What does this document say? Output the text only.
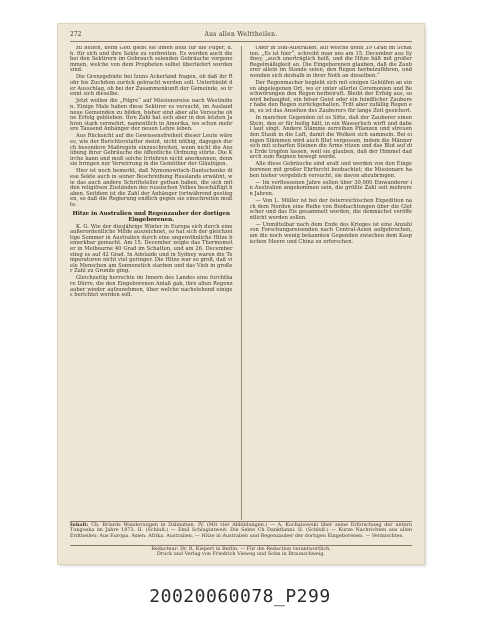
272	Aus allen Welttheilen.

zu helfen, denn Gott giebt sie ihnen bloß für die Pilger, d. h. für sich und ihre Sekte zu verbreiten. Es werden auch die bei den Sektirern im Gebrauch seienden Gebräuche vorgenommen, welche von dem Propheten selbst überliefert worden sind.

Die Grenzgebiete bei Izuns Ackerland fragen, ob daß ihr Rohr bis Zuchdom zurück gebracht werden soll. Unterbleibt der Ausschlag, ob bei der Zusammenkunft der Gemeinde, so trennt sich dieselbe.

Jetzt wollen die „Pilgre“ auf Missionsreise nach Westindien. Einige Male haben diese Sektirer es versucht, im Ausland neue Gemeinden zu bilden, bisher sind aber alle Versuche ohne Erfolg geblieben. Ihre Zahl hat sich aber in den letzten Jahren stark vermehrt, namentlich in Amerika, wo schon mehrere Tausend Anhänger der neuen Lehre leben.

Aus Rücksicht auf die Gewissensfreiheit dieser Leute wäre es, wie der Berichterstatter meint, nicht nöthig, dagegen durch besondere Maßregeln einzuschreiten, wenn nicht die Ausübung ihrer Gebräuche die öffentliche Ordnung störte. Die Kirche kann und muß solche Irrlehren nicht anerkennen, denn sie bringen nur Verwirrung in die Gemüther der Gläubigen.

Hier ist noch bemerkt, daß Nymonowitsch-Dantschenko diese Sekte auch in seiner Beschreibung Russlands erwähnt, wie das auch andere Schriftsteller gethan haben, die sich mit den religiösen Zuständen des russischen Volkes beschäftigt haben. Seitdem ist die Zahl der Anhänger fortwährend gestiegen, so daß die Regierung endlich gegen sie einschreiten mußte.

Hitze in Australien und Regenzauber der dortigen Eingeborenen.

K. G. Wie der diesjährige Winter in Europa sich durch eine außerordentliche Milde auszeichnet, so hat sich der gleichzeitige Sommer in Australien durch eine ungewöhnliche Hitze bemerkbar gemacht. Am 15. December zeigte das Thermometer in Melbourne 40 Grad im Schatten, und am 26. December stieg es auf 42 Grad. In Adelaide und in Sydney waren die Temperaturen nicht viel geringer. Die Hitze war so groß, daß viele Menschen am Sonnenstich starben und das Vieh in großer Zahl zu Grunde ging.

Gleichzeitig herrschte im Innern des Landes eine furchtbare Dürre, die den Eingeborenen Anlaß gab, ihre alten Regenzauber wieder aufzunehmen, über welche nachstehend einiges berichtet werden soll.

Ober in Süd-Australien, auf welche denn 39 Grad im Schatten. „Es ist hier“, schreibt man uns am 15. December aus Sydney, „auch unerträglich heiß, und die Hitze hält mit großer Regelmäßigkeit an. Die Eingeborenen glauben, daß die Zauberer allein im Stande seien, den Regen herbeizuführen, und wenden sich deshalb in ihrer Noth an dieselben.“

Der Regenmacher begiebt sich mit einigen Gehülfen an einen abgelegenen Ort, wo er unter allerlei Ceremonien und Beschwörungen den Regen herbeiruft. Bleibt der Erfolg aus, so wird behauptet, ein böser Geist oder ein feindlicher Zauberer habe den Regen zurückgehalten. Tritt aber zufällig Regen ein, so ist das Ansehen des Zauberers für lange Zeit gesichert.

In manchen Gegenden ist es Sitte, daß der Zauberer einen Stein, den er für heilig hält, in ein Wasserloch wirft und dabei laut singt. Andere Stämme zerreiben Pflanzen und streuen den Staub in die Luft, damit die Wolken sich sammeln. Bei einigen Stämmen wird auch Blut vergossen, indem die Männer sich mit scharfen Steinen die Arme ritzen und das Blut auf die Erde tropfen lassen, weil sie glauben, daß der Himmel dadurch zum Regnen bewegt werde.

Alle diese Gebräuche sind uralt und werden von den Eingeborenen mit großer Ehrfurcht beobachtet; die Missionare haben bisher vergeblich versucht, sie davon abzubringen.

— Im verflossenen Jahre sollen über 30,000 Einwanderer in Australien angekommen sein, die größte Zahl seit mehreren Jahren.

— Von L. Müller ist bei der österreichischen Expedition nach dem Norden eine Reihe von Beobachtungen über die Gletscher und das Eis gesammelt worden, die demnächst veröffentlicht werden sollen.

— Unmittelbar nach dem Ende des Krieges ist eine Anzahl von Forschungsreisenden nach Central-Asien aufgebrochen, um die noch wenig bekannten Gegenden zwischen dem Kaspischen Meere und China zu erforschen.

Inhalt: Ch. Briards Wanderungen in Dalmatien. IV. (Mit vier Abbildungen.) — A. Kochanowski über seine Erforschung der untern Tunguska im Jahre 1873. II. (Schluß.) — Emil Schlagintweit: Die Sekte Ch Dankfianni. II. (Schluß.) — Kurze Nachrichten aus allen Erdtheilen: Aus Europa. Asien. Afrika. Australien. — Hitze in Australien und Regenzauber der dortigen Eingeborenen. — Vermischtes.
Redacteur: Dr. R. Kiepert in Berlin. — Für die Redaction verantwortlich.
Druck und Verlag von Friedrich Vieweg und Sohn in Braunschweig.
20020060078_P299
